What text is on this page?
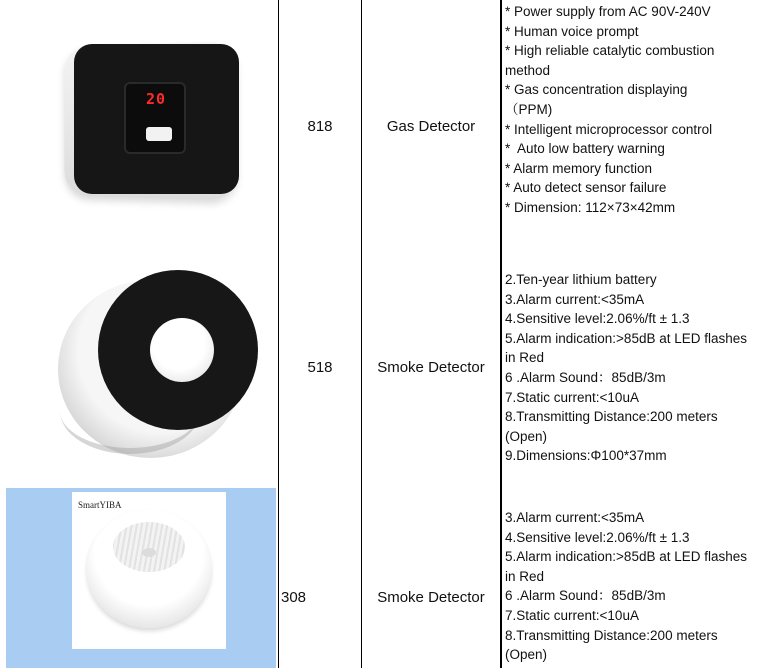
20
818	Gas Detector
* Power supply from AC 90V-240V
* Human voice prompt
* High reliable catalytic combustion method
* Gas concentration displaying
（PPM)
* Intelligent microprocessor control
*  Auto low battery warning
* Alarm memory function
* Auto detect sensor failure
* Dimension: 112×73×42mm
518	Smoke Detector
2.Ten-year lithium battery
3.Alarm current:<35mA
4.Sensitive level:2.06%/ft ± 1.3
5.Alarm indication:>85dB at LED flashes in Red
6 .Alarm Sound：85dB/3m
7.Static current:<10uA
8.Transmitting Distance:200 meters (Open)
9.Dimensions:Φ100*37mm
SmartYIBA
308	Smoke Detector
3.Alarm current:<35mA
4.Sensitive level:2.06%/ft ± 1.3
5.Alarm indication:>85dB at LED flashes in Red
6 .Alarm Sound：85dB/3m
7.Static current:<10uA
8.Transmitting Distance:200 meters (Open)
